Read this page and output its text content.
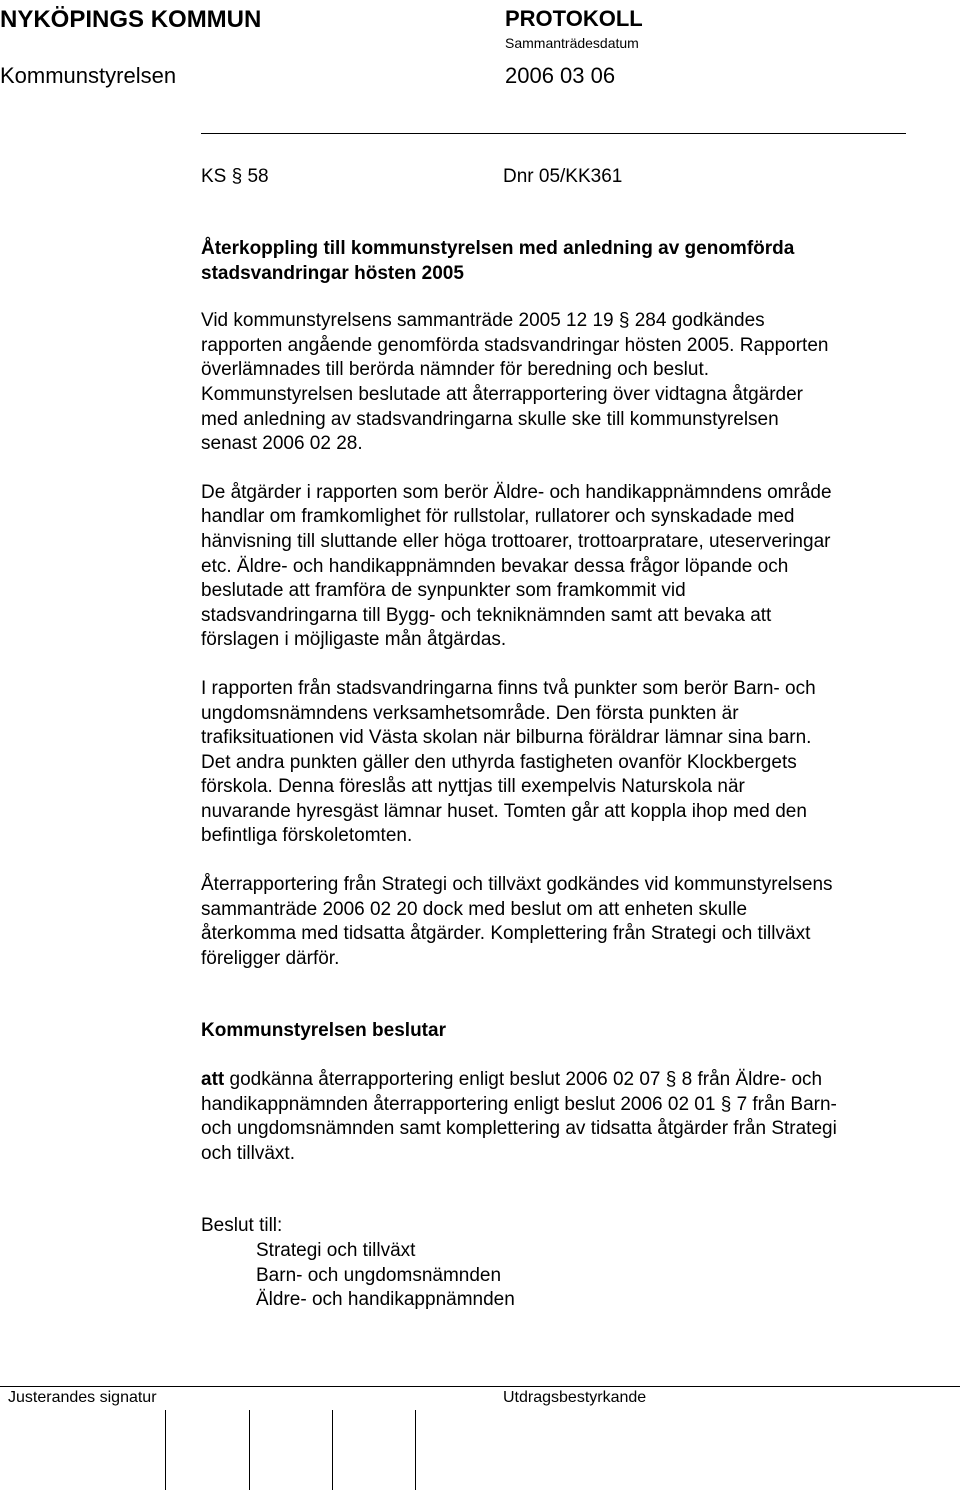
NYKÖPINGS KOMMUN	PROTOKOLL
Sammanträdesdatum
Kommunstyrelsen	2006 03 06
KS § 58	Dnr 05/KK361
Återkoppling till kommunstyrelsen med anledning av genomförda
stadsvandringar hösten 2005

Vid kommunstyrelsens sammanträde 2005 12 19 § 284 godkändes
rapporten angående genomförda stadsvandringar hösten 2005. Rapporten
överlämnades till berörda nämnder för beredning och beslut.
Kommunstyrelsen beslutade att återrapportering över vidtagna åtgärder
med anledning av stadsvandringarna skulle ske till kommunstyrelsen
senast 2006 02 28.

De åtgärder i rapporten som berör Äldre- och handikappnämndens område
handlar om framkomlighet för rullstolar, rullatorer och synskadade med
hänvisning till sluttande eller höga trottoarer, trottoarpratare, uteserveringar
etc. Äldre- och handikappnämnden bevakar dessa frågor löpande och
beslutade att framföra de synpunkter som framkommit vid
stadsvandringarna till Bygg- och tekniknämnden samt att bevaka att
förslagen i möjligaste mån åtgärdas.

I rapporten från stadsvandringarna finns två punkter som berör Barn- och
ungdomsnämndens verksamhetsområde. Den första punkten är
trafiksituationen vid Västa skolan när bilburna föräldrar lämnar sina barn.
Det andra punkten gäller den uthyrda fastigheten ovanför Klockbergets
förskola. Denna föreslås att nyttjas till exempelvis Naturskola när
nuvarande hyresgäst lämnar huset. Tomten går att koppla ihop med den
befintliga förskoletomten.

Återrapportering från Strategi och tillväxt godkändes vid kommunstyrelsens
sammanträde 2006 02 20 dock med beslut om att enheten skulle
återkomma med tidsatta åtgärder. Komplettering från Strategi och tillväxt
föreligger därför.

Kommunstyrelsen beslutar

att godkänna återrapportering enligt beslut 2006 02 07 § 8 från Äldre- och
handikappnämnden återrapportering enligt beslut 2006 02 01 § 7 från Barn-
och ungdomsnämnden samt komplettering av tidsatta åtgärder från Strategi
och tillväxt.

Beslut till:
Strategi och tillväxt
Barn- och ungdomsnämnden
Äldre- och handikappnämnden
Justerandes signatur	Utdragsbestyrkande
